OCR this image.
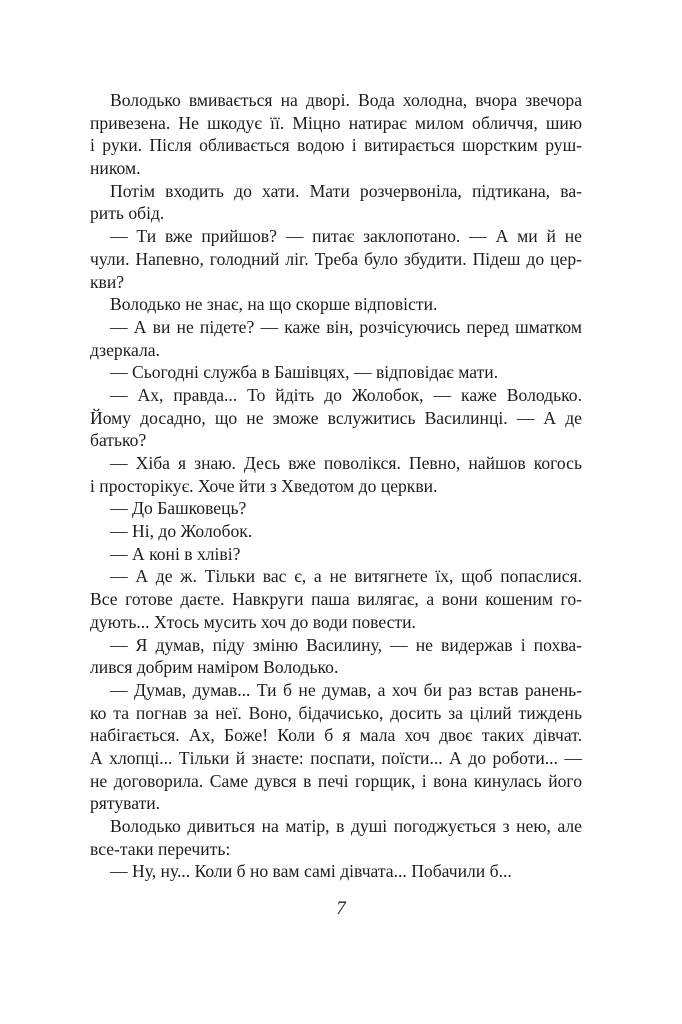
Володько вмивається на дворі. Вода холодна, вчора звечора
привезена. Не шкодує її. Міцно натирає милом обличчя, шию
і руки. Після обливається водою і витирається шорстким руш-
ником.
Потім входить до хати. Мати розчервоніла, підтикана, ва-
рить обід.
— Ти вже прийшов? — питає заклопотано. — А ми й не
чули. Напевно, голодний ліг. Треба було збудити. Підеш до цер-
кви?
Володько не знає, на що скорше відповісти.
— А ви не підете? — каже він, розчісуючись перед шматком
дзеркала.
— Сьогодні служба в Башівцях, — відповідає мати.
— Ах, правда... То йдіть до Жолобок, — каже Володько.
Йому досадно, що не зможе вслужитись Василинці. — А де
батько?
— Хіба я знаю. Десь вже поволікся. Певно, найшов когось
і просторікує. Хоче йти з Хведотом до церкви.
— До Башковець?
— Ні, до Жолобок.
— А коні в хліві?
— А де ж. Тільки вас є, а не витягнете їх, щоб попаслися.
Все готове даєте. Навкруги паша вилягає, а вони кошеним го-
дують... Хтось мусить хоч до води повести.
— Я думав, піду зміню Василину, — не видержав і похва-
лився добрим наміром Володько.
— Думав, думав... Ти б не думав, а хоч би раз встав ранень-
ко та погнав за неї. Воно, бідачисько, досить за цілий тиждень
набігається. Ах, Боже! Коли б я мала хоч двоє таких дівчат.
А хлопці... Тільки й знаєте: поспати, поїсти... А до роботи... —
не договорила. Саме дувся в печі горщик, і вона кинулась його
рятувати.
Володько дивиться на матір, в душі погоджується з нею, але
все-таки перечить:
— Ну, ну... Коли б но вам самі дівчата... Побачили б...
7
